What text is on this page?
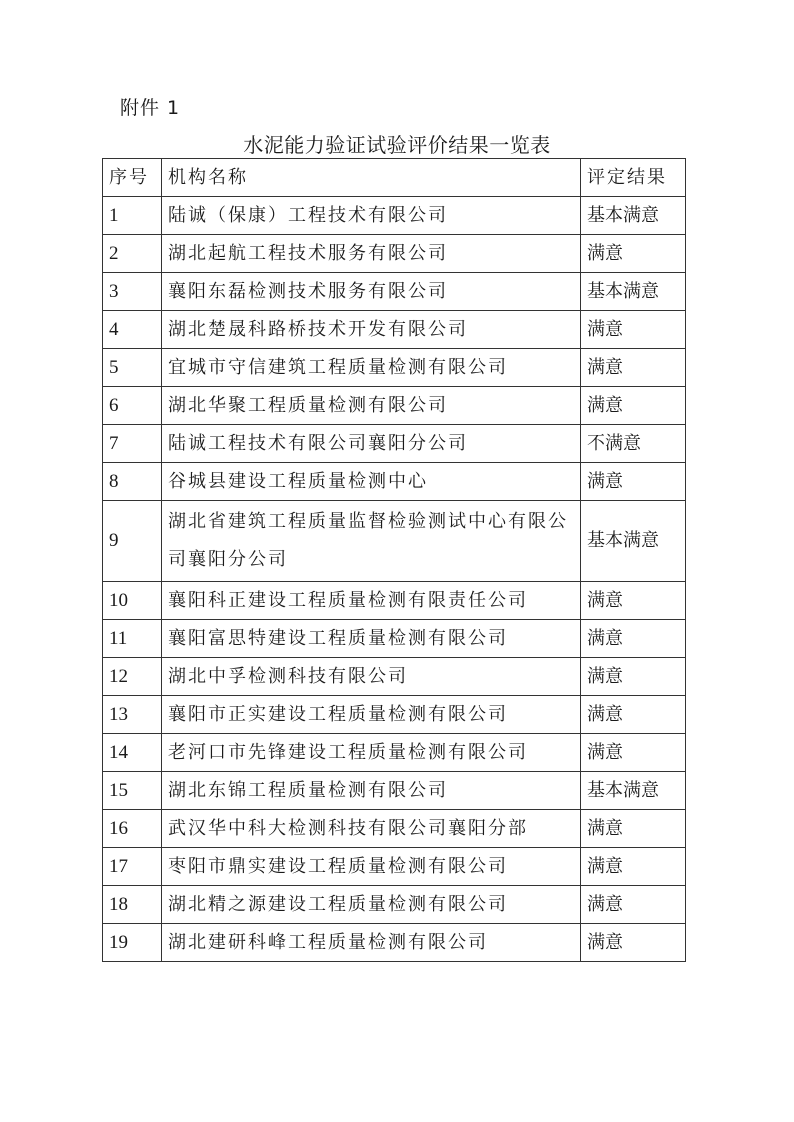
附件 1
水泥能力验证试验评价结果一览表
序号	机构名称	评定结果
1	陆诚（保康）工程技术有限公司	基本满意
2	湖北起航工程技术服务有限公司	满意
3	襄阳东磊检测技术服务有限公司	基本满意
4	湖北楚晟科路桥技术开发有限公司	满意
5	宜城市守信建筑工程质量检测有限公司	满意
6	湖北华聚工程质量检测有限公司	满意
7	陆诚工程技术有限公司襄阳分公司	不满意
8	谷城县建设工程质量检测中心	满意
9	湖北省建筑工程质量监督检验测试中心有限公司襄阳分公司	基本满意
10	襄阳科正建设工程质量检测有限责任公司	满意
11	襄阳富思特建设工程质量检测有限公司	满意
12	湖北中孚检测科技有限公司	满意
13	襄阳市正实建设工程质量检测有限公司	满意
14	老河口市先锋建设工程质量检测有限公司	满意
15	湖北东锦工程质量检测有限公司	基本满意
16	武汉华中科大检测科技有限公司襄阳分部	满意
17	枣阳市鼎实建设工程质量检测有限公司	满意
18	湖北精之源建设工程质量检测有限公司	满意
19	湖北建研科峰工程质量检测有限公司	满意
